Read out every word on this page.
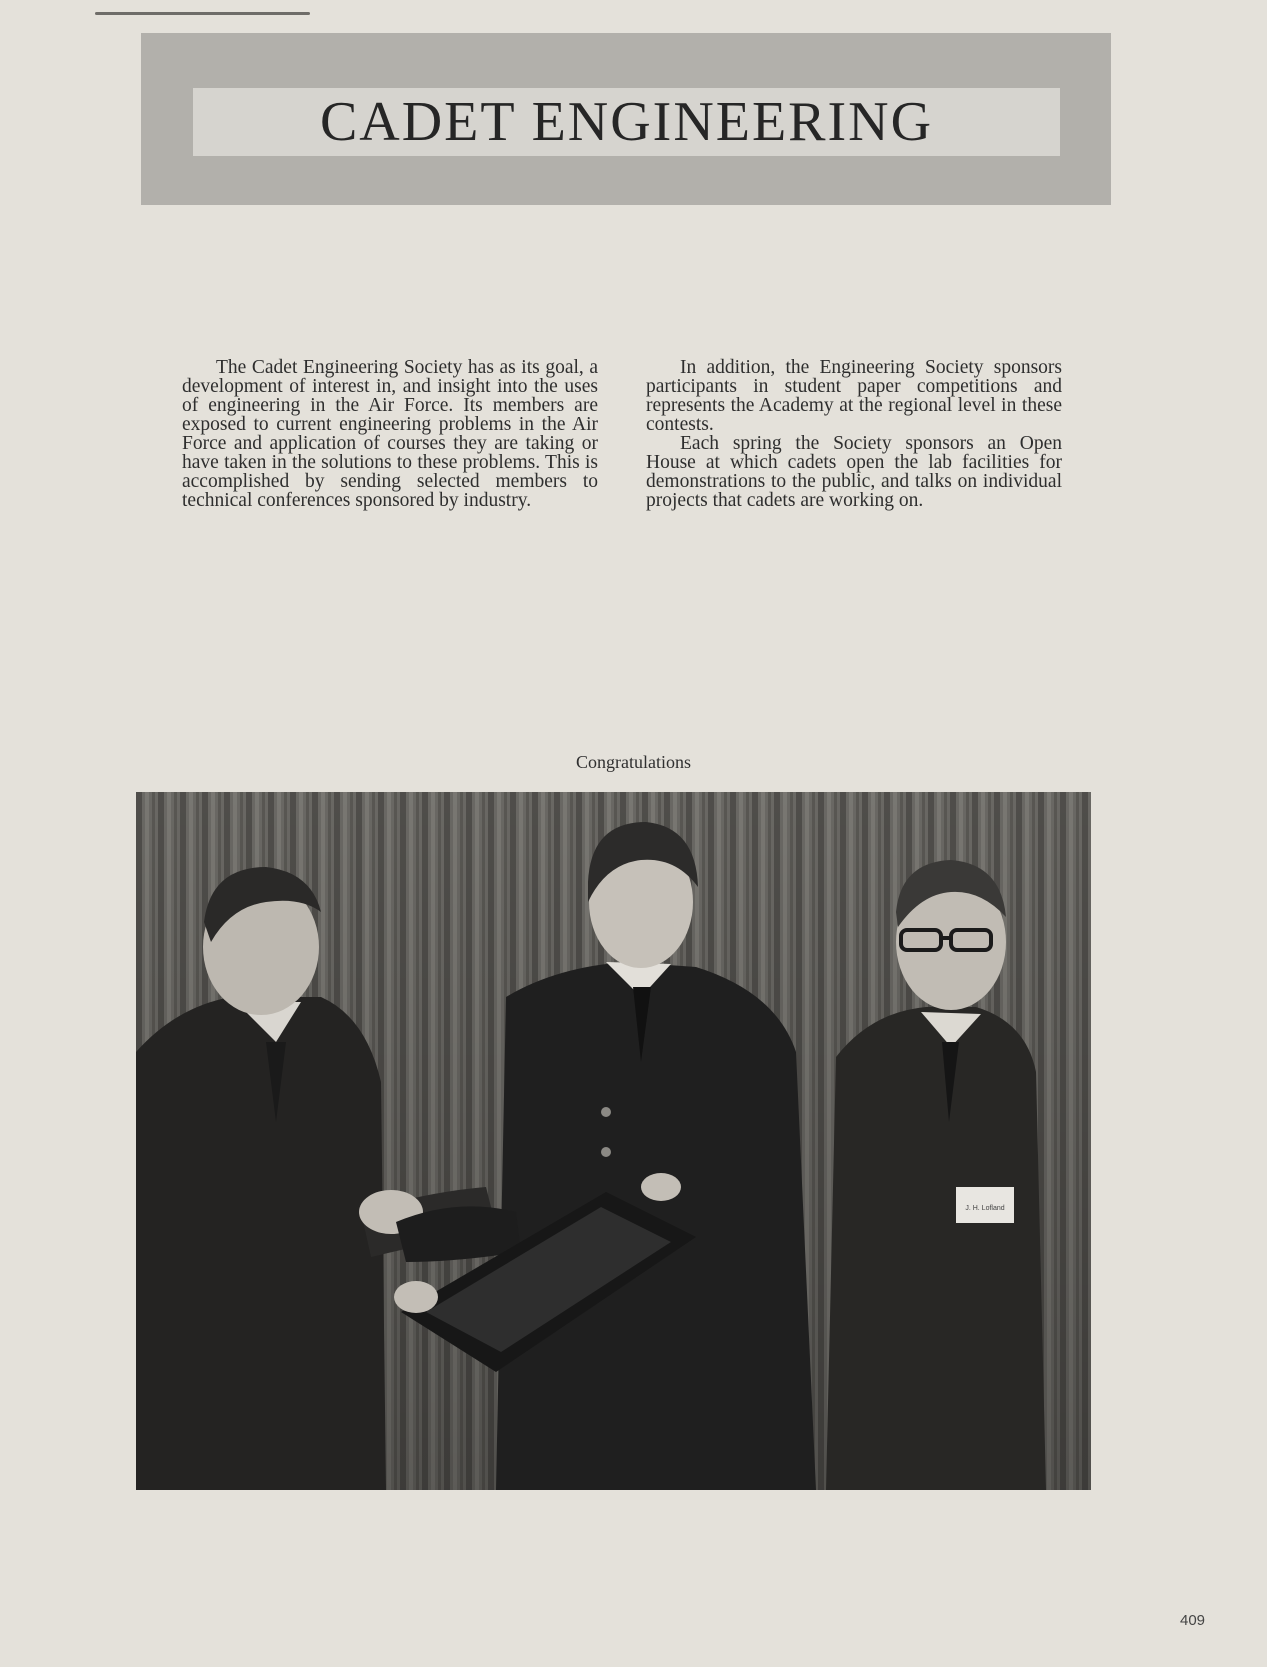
CADET ENGINEERING

The Cadet Engineering Society has as its goal, a development of interest in, and insight into the uses of engineering in the Air Force. Its members are exposed to current engineering problems in the Air Force and application of courses they are taking or have taken in the solutions to these problems. This is accomplished by sending selected members to technical conferences sponsored by industry.

In addition, the Engineering Society sponsors participants in student paper competitions and represents the Academy at the regional level in these contests.

Each spring the Society sponsors an Open House at which cadets open the lab facilities for demonstrations to the public, and talks on individual projects that cadets are working on.

Congratulations
J. H. Lofland
409
